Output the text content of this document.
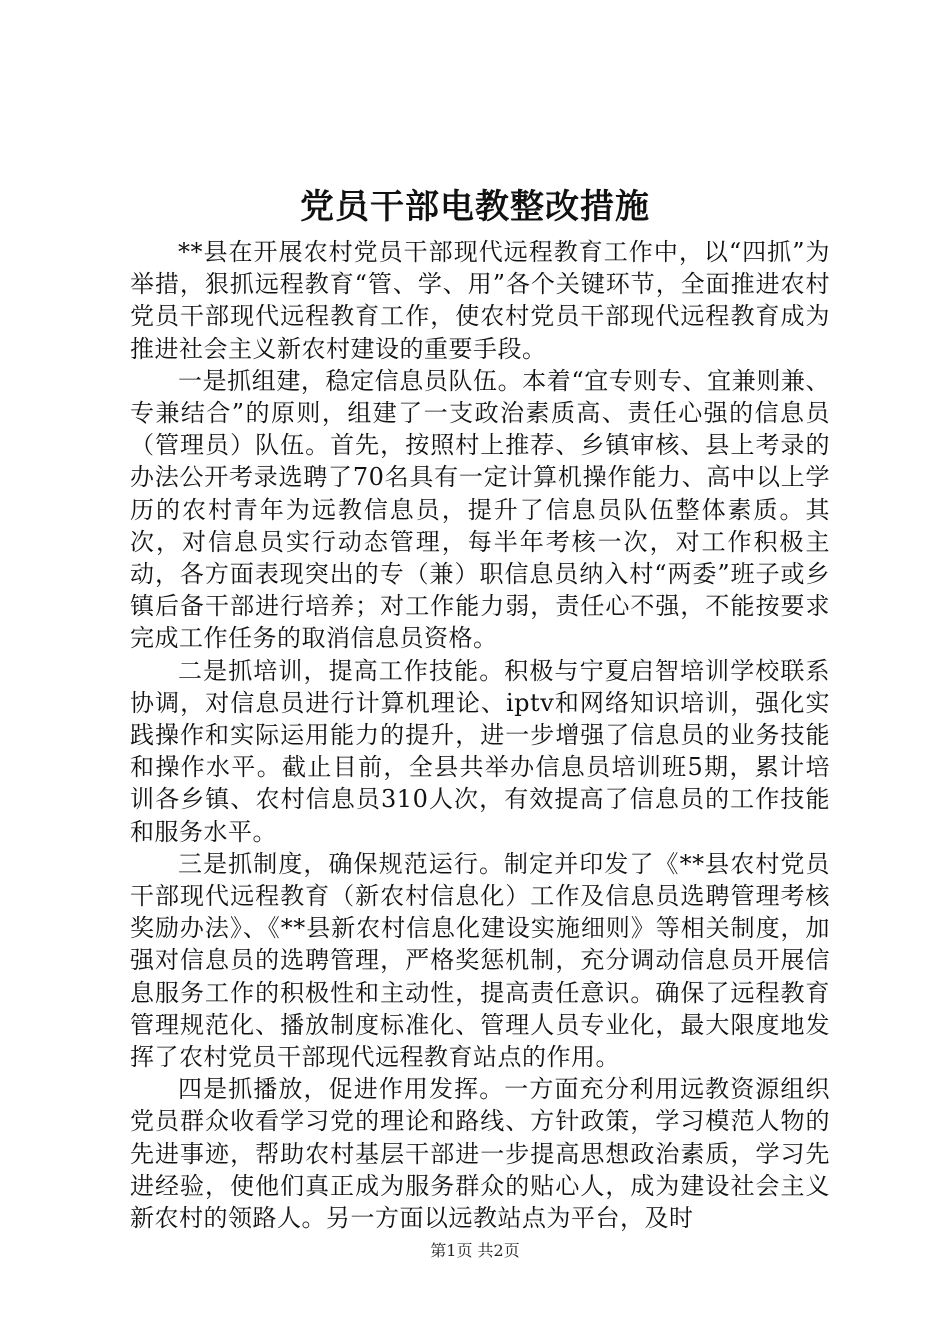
党员干部电教整改措施

**县在开展农村党员干部现代远程教育工作中，以“四抓”为举措，狠抓远程教育“管、学、用”各个关键环节，全面推进农村党员干部现代远程教育工作，使农村党员干部现代远程教育成为推进社会主义新农村建设的重要手段。

一是抓组建，稳定信息员队伍。本着“宜专则专、宜兼则兼、专兼结合”的原则，组建了一支政治素质高、责任心强的信息员（管理员）队伍。首先，按照村上推荐、乡镇审核、县上考录的办法公开考录选聘了70名具有一定计算机操作能力、高中以上学历的农村青年为远教信息员，提升了信息员队伍整体素质。其次，对信息员实行动态管理，每半年考核一次，对工作积极主动，各方面表现突出的专（兼）职信息员纳入村“两委”班子或乡镇后备干部进行培养；对工作能力弱，责任心不强，不能按要求完成工作任务的取消信息员资格。

二是抓培训，提高工作技能。积极与宁夏启智培训学校联系协调，对信息员进行计算机理论、iptv和网络知识培训，强化实践操作和实际运用能力的提升，进一步增强了信息员的业务技能和操作水平。截止目前，全县共举办信息员培训班5期，累计培训各乡镇、农村信息员310人次，有效提高了信息员的工作技能和服务水平。

三是抓制度，确保规范运行。制定并印发了《**县农村党员干部现代远程教育（新农村信息化）工作及信息员选聘管理考核奖励办法》、《**县新农村信息化建设实施细则》等相关制度，加强对信息员的选聘管理，严格奖惩机制，充分调动信息员开展信息服务工作的积极性和主动性，提高责任意识。确保了远程教育管理规范化、播放制度标准化、管理人员专业化，最大限度地发挥了农村党员干部现代远程教育站点的作用。

四是抓播放，促进作用发挥。一方面充分利用远教资源组织党员群众收看学习党的理论和路线、方针政策，学习模范人物的先进事迹，帮助农村基层干部进一步提高思想政治素质，学习先进经验，使他们真正成为服务群众的贴心人，成为建设社会主义新农村的领路人。另一方面以远教站点为平台，及时

第1页 共2页
